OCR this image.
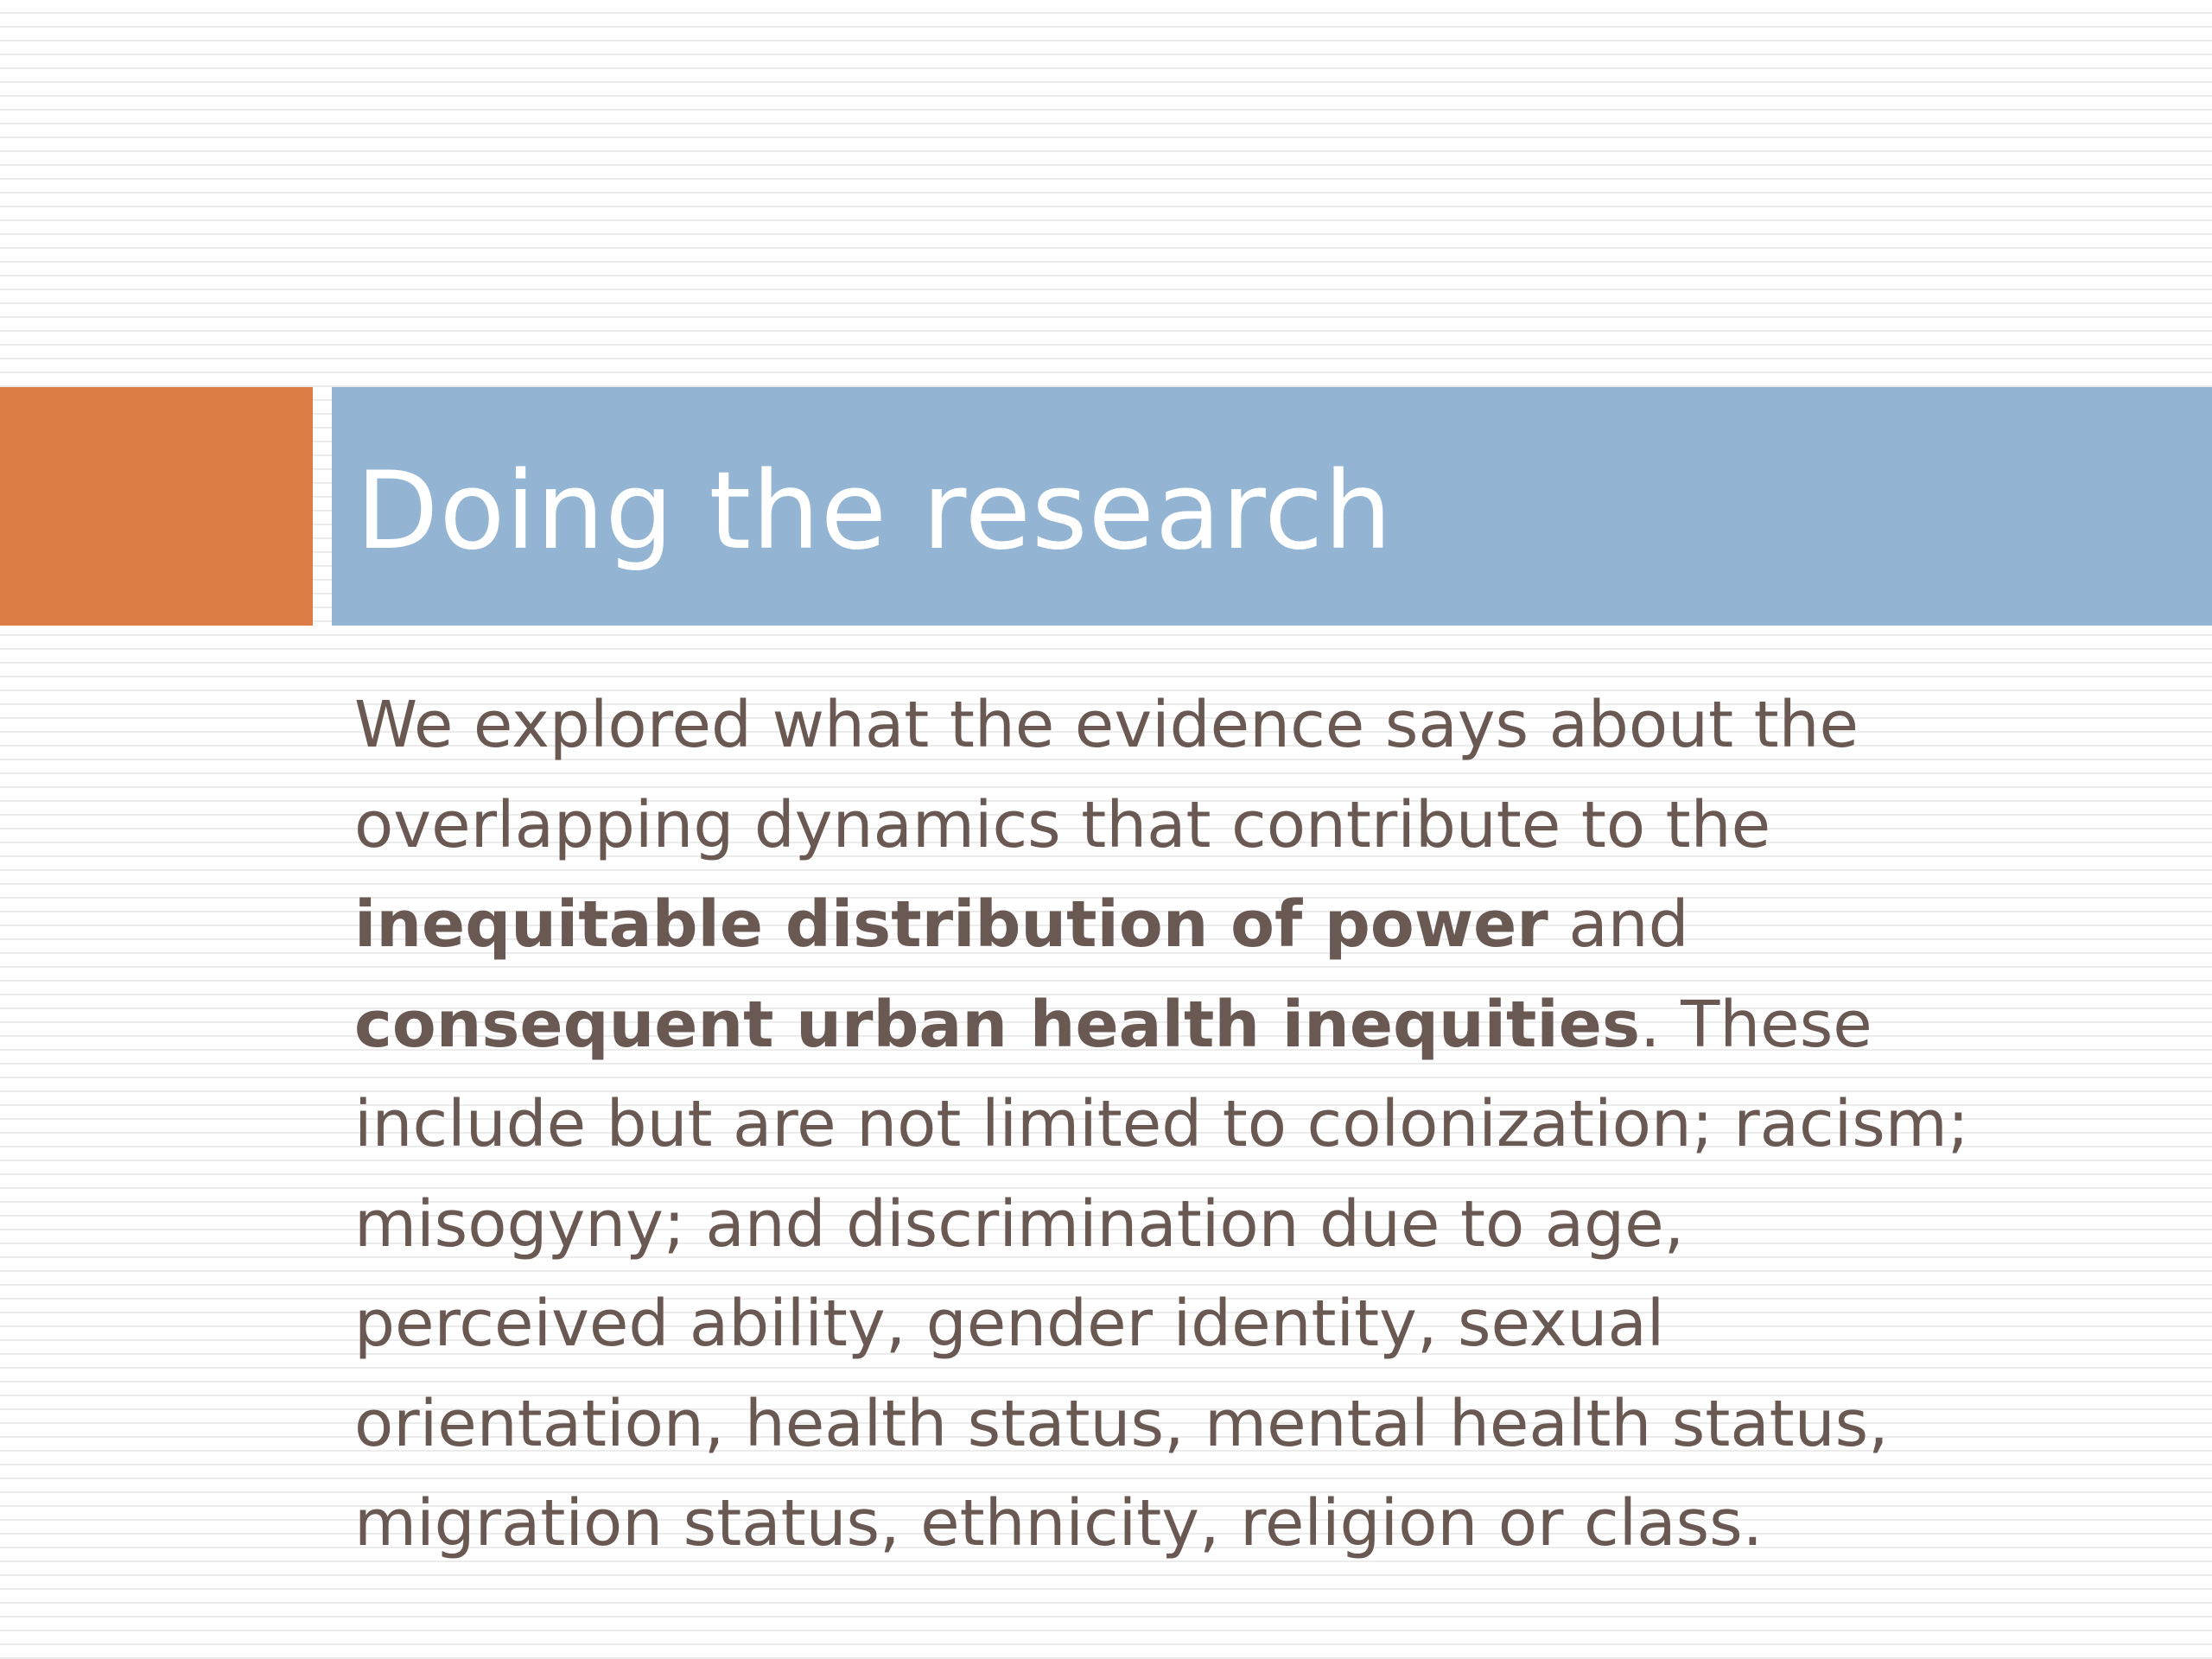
Doing the research

We explored what the evidence says about the
overlapping dynamics that contribute to the
inequitable distribution of power and
consequent urban health inequities. These
include but are not limited to colonization; racism;
misogyny; and discrimination due to age,
perceived ability, gender identity, sexual
orientation, health status, mental health status,
migration status, ethnicity, religion or class.
